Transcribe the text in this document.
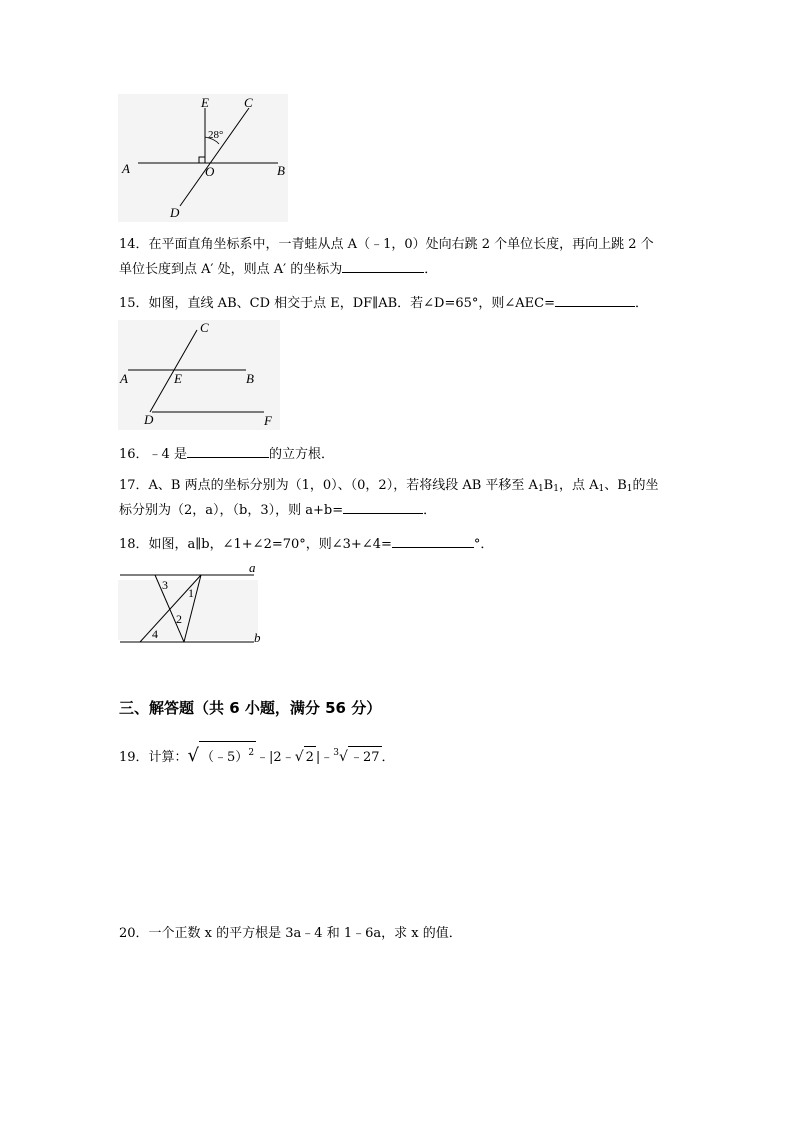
E	C
A	O	B
D
28°
14．在平面直角坐标系中，一青蛙从点 A（﹣1，0）处向右跳 2 个单位长度，再向上跳 2 个
单位长度到点 A′ 处，则点 A′ 的坐标为	．
15．如图，直线 AB、CD 相交于点 E，DF∥AB．若∠D=65°，则∠AEC=	．
C
A	E	B
D	F
16．﹣4 是	的立方根．
17．A、B 两点的坐标分别为（1，0）、（0，2），若将线段 AB 平移至 $A_1B_1$，点 $A_1$、$B_1$的坐
标分别为（2，a），（b，3），则 a+b=	．
18．如图，a∥b，∠1+∠2=70°，则∠3+∠4=	°．
a
b
3
1
2
4
三、解答题（共 6 小题，满分 56 分）
19．计算：√ （﹣5）$^2$ ﹣|2﹣√ 2 |﹣$^3$√ ﹣27 ．
20．一个正数 x 的平方根是 3a﹣4 和 1﹣6a，求 x 的值．
